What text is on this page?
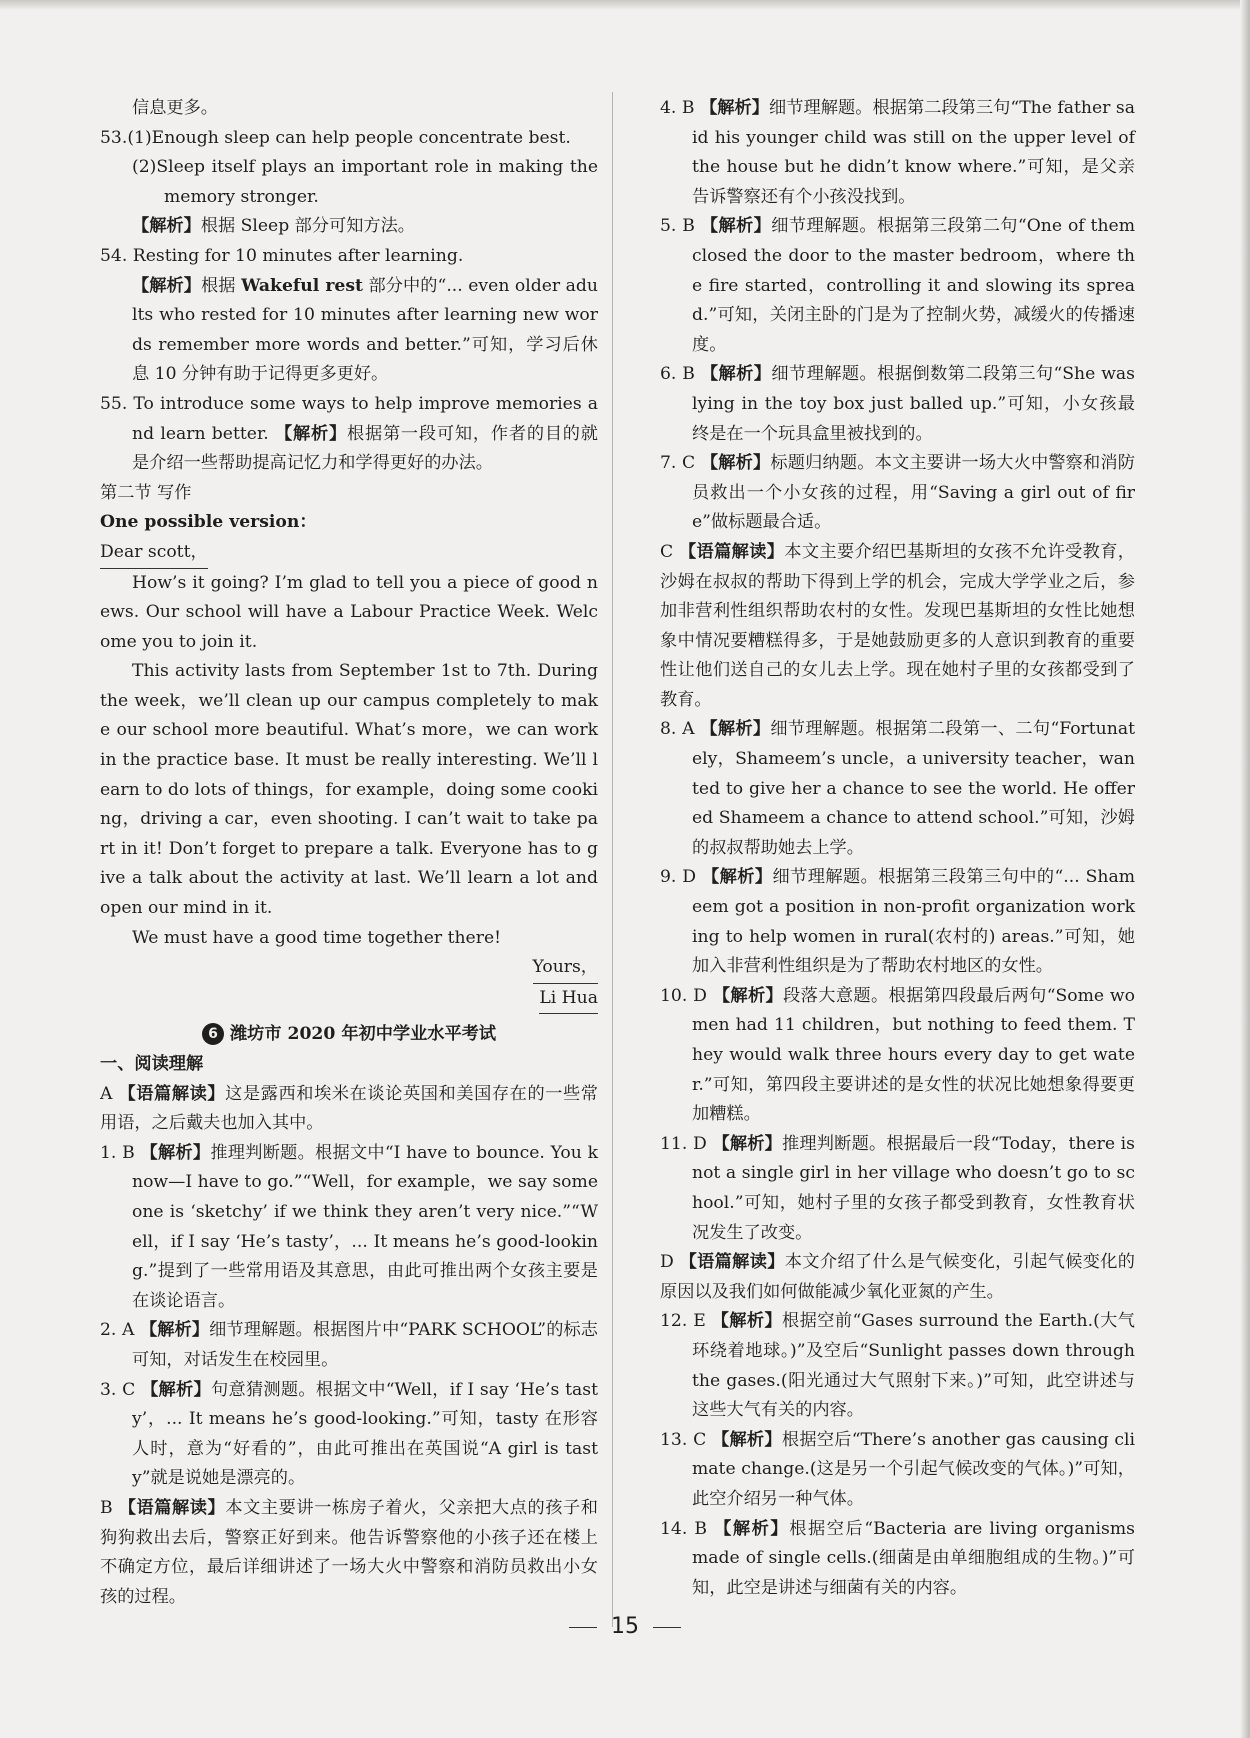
信息更多。

53.(1)Enough sleep can help people concentrate best.

(2)Sleep itself plays an important role in making the memory stronger.

【解析】根据 Sleep 部分可知方法。

54. Resting for 10 minutes after learning.

【解析】根据 Wakeful rest 部分中的“... even older adults who rested for 10 minutes after learning new words remember more words and better.”可知，学习后休息 10 分钟有助于记得更多更好。

55. To introduce some ways to help improve memories and learn better. 【解析】根据第一段可知，作者的目的就是介绍一些帮助提高记忆力和学得更好的办法。

第二节 写作

One possible version：

Dear scott，

How’s it going? I’m glad to tell you a piece of good news. Our school will have a Labour Practice Week. Welcome you to join it.

This activity lasts from September 1st to 7th. During the week，we’ll clean up our campus completely to make our school more beautiful. What’s more，we can work in the practice base. It must be really interesting. We’ll learn to do lots of things，for example，doing some cooking，driving a car，even shooting. I can’t wait to take part in it! Don’t forget to prepare a talk. Everyone has to give a talk about the activity at last. We’ll learn a lot and open our mind in it.

We must have a good time together there!

Yours，

Li Hua

6 潍坊市 2020 年初中学业水平考试

一、阅读理解

A 【语篇解读】这是露西和埃米在谈论英国和美国存在的一些常用语，之后戴夫也加入其中。

1. B 【解析】推理判断题。根据文中“I have to bounce. You know—I have to go.”“Well，for example，we say someone is ‘sketchy’ if we think they aren’t very nice.”“Well，if I say ‘He’s tasty’，... It means he’s good-looking.”提到了一些常用语及其意思，由此可推出两个女孩主要是在谈论语言。

2. A 【解析】细节理解题。根据图片中“PARK SCHOOL”的标志可知，对话发生在校园里。

3. C 【解析】句意猜测题。根据文中“Well，if I say ‘He’s tasty’，... It means he’s good-looking.”可知，tasty 在形容人时，意为“好看的”，由此可推出在英国说“A girl is tasty”就是说她是漂亮的。

B 【语篇解读】本文主要讲一栋房子着火，父亲把大点的孩子和狗狗救出去后，警察正好到来。他告诉警察他的小孩子还在楼上不确定方位，最后详细讲述了一场大火中警察和消防员救出小女孩的过程。

4. B 【解析】细节理解题。根据第二段第三句“The father said his younger child was still on the upper level of the house but he didn’t know where.”可知，是父亲告诉警察还有个小孩没找到。

5. B 【解析】细节理解题。根据第三段第二句“One of them closed the door to the master bedroom，where the fire started，controlling it and slowing its spread.”可知，关闭主卧的门是为了控制火势，减缓火的传播速度。

6. B 【解析】细节理解题。根据倒数第二段第三句“She was lying in the toy box just balled up.”可知，小女孩最终是在一个玩具盒里被找到的。

7. C 【解析】标题归纳题。本文主要讲一场大火中警察和消防员救出一个小女孩的过程，用“Saving a girl out of fire”做标题最合适。

C 【语篇解读】本文主要介绍巴基斯坦的女孩不允许受教育，沙姆在叔叔的帮助下得到上学的机会，完成大学学业之后，参加非营利性组织帮助农村的女性。发现巴基斯坦的女性比她想象中情况要糟糕得多，于是她鼓励更多的人意识到教育的重要性让他们送自己的女儿去上学。现在她村子里的女孩都受到了教育。

8. A 【解析】细节理解题。根据第二段第一、二句“Fortunately，Shameem’s uncle，a university teacher，wanted to give her a chance to see the world. He offered Shameem a chance to attend school.”可知，沙姆的叔叔帮助她去上学。

9. D 【解析】细节理解题。根据第三段第三句中的“... Shameem got a position in non-profit organization working to help women in rural(农村的) areas.”可知，她加入非营利性组织是为了帮助农村地区的女性。

10. D 【解析】段落大意题。根据第四段最后两句“Some women had 11 children，but nothing to feed them. They would walk three hours every day to get water.”可知，第四段主要讲述的是女性的状况比她想象得要更加糟糕。

11. D 【解析】推理判断题。根据最后一段“Today，there is not a single girl in her village who doesn’t go to school.”可知，她村子里的女孩子都受到教育，女性教育状况发生了改变。

D 【语篇解读】本文介绍了什么是气候变化，引起气候变化的原因以及我们如何做能减少氧化亚氮的产生。

12. E 【解析】根据空前“Gases surround the Earth.(大气环绕着地球。)”及空后“Sunlight passes down through the gases.(阳光通过大气照射下来。)”可知，此空讲述与这些大气有关的内容。

13. C 【解析】根据空后“There’s another gas causing climate change.(这是另一个引起气候改变的气体。)”可知，此空介绍另一种气体。

14. B 【解析】根据空后“Bacteria are living organisms made of single cells.(细菌是由单细胞组成的生物。)”可知，此空是讲述与细菌有关的内容。

15
